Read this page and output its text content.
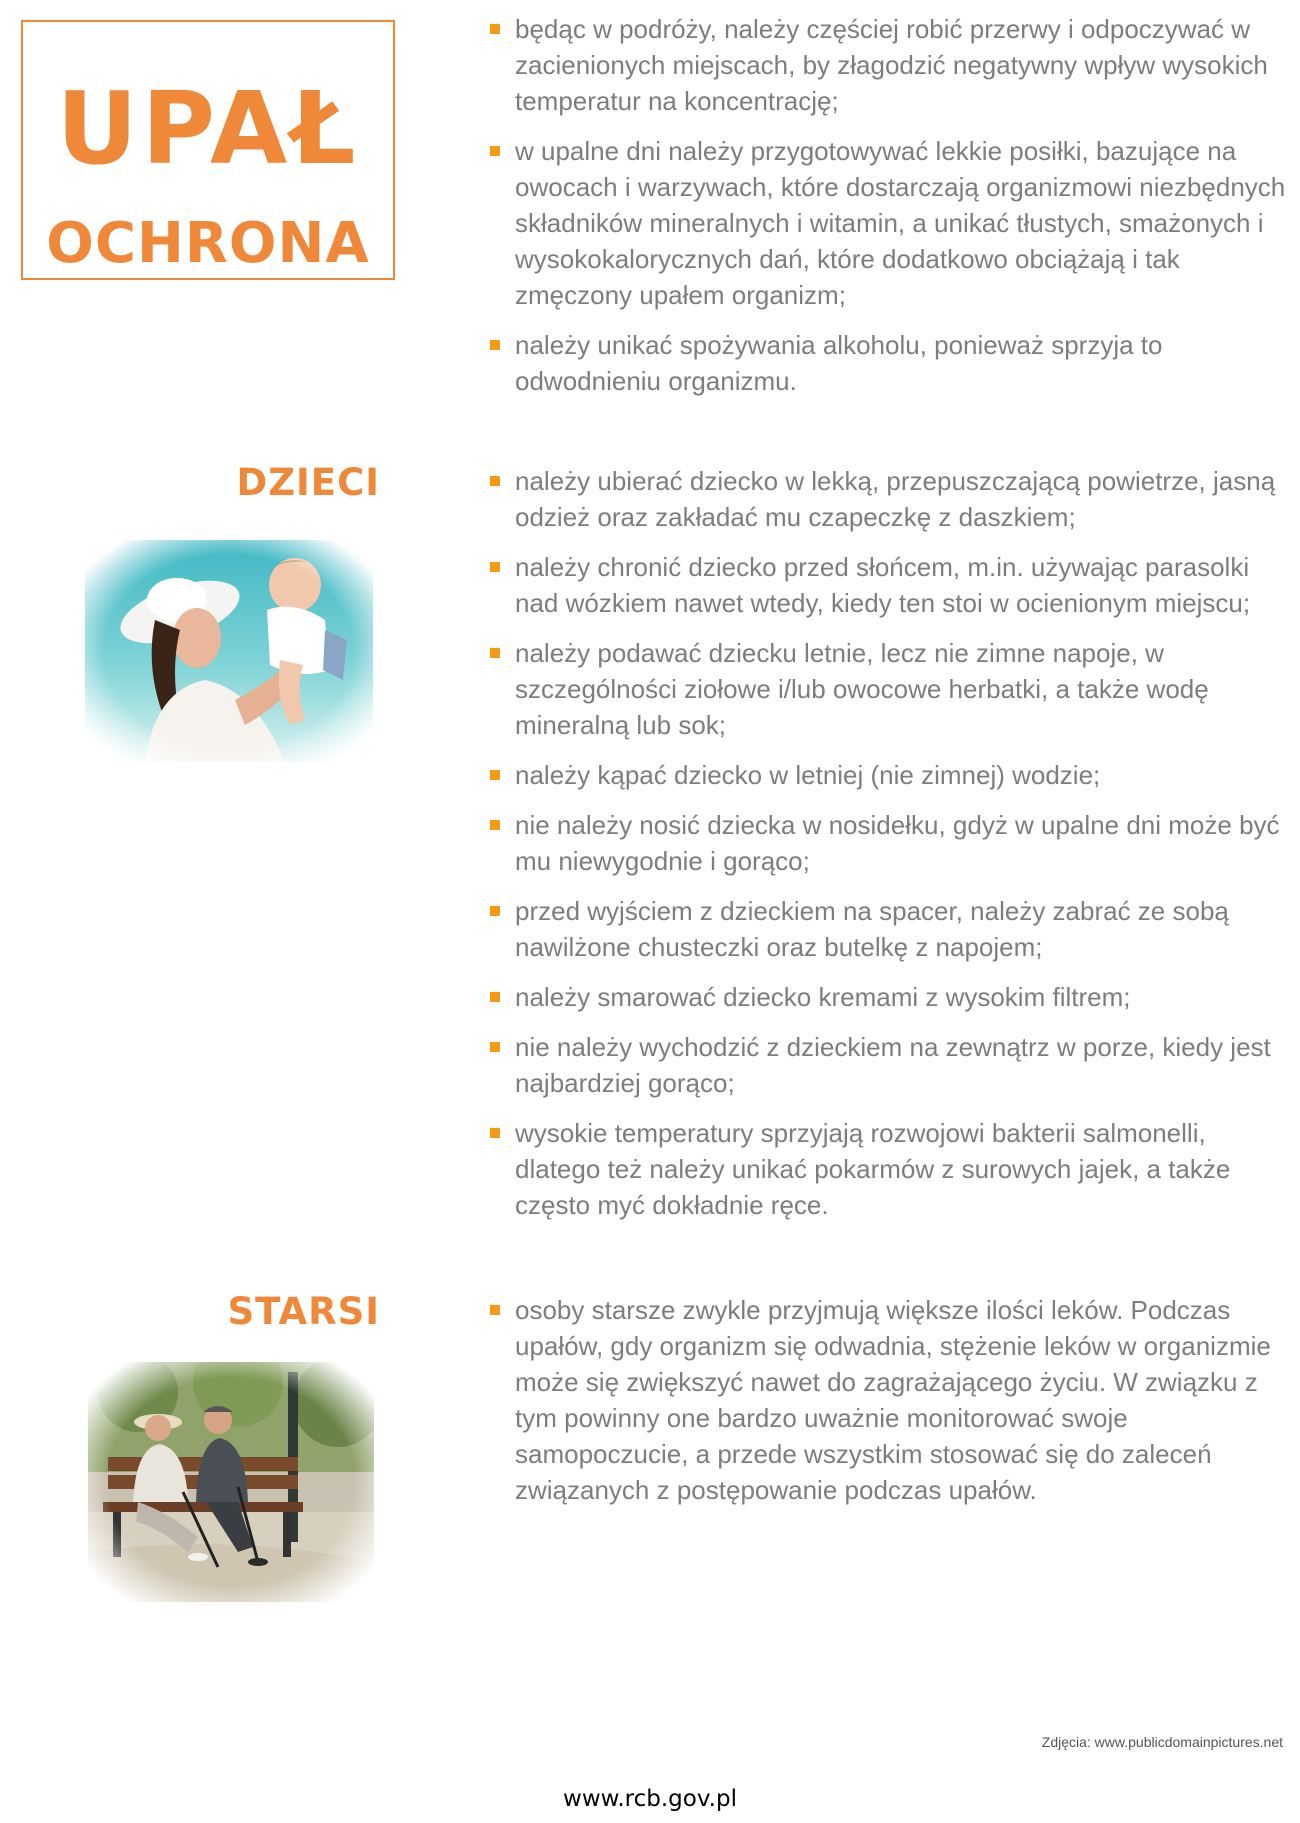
UPAŁ
OCHRONA
będąc w podróży, należy częściej robić przerwy i odpoczywać w zacienionych miejscach, by złagodzić negatywny wpływ wysokich temperatur na koncentrację;
w upalne dni należy przygotowywać lekkie posiłki, bazujące na owocach i warzywach, które dostarczają organizmowi niezbędnych składników mineralnych i witamin, a unikać tłustych, smażonych i wysokokalorycznych dań, które dodatkowo obciążają i tak zmęczony upałem organizm;
należy unikać spożywania alkoholu, ponieważ sprzyja to odwodnieniu organizmu.
DZIECI	należy ubierać dziecko w lekką, przepuszczającą powietrze, jasną odzież oraz zakładać mu czapeczkę z daszkiem;
należy chronić dziecko przed słońcem, m.in. używając parasolki nad wózkiem nawet wtedy, kiedy ten stoi w ocienionym miejscu;
należy podawać dziecku letnie, lecz nie zimne napoje, w szczególności ziołowe i/lub owocowe herbatki, a także wodę mineralną lub sok;
należy kąpać dziecko w letniej (nie zimnej) wodzie;
nie należy nosić dziecka w nosidełku, gdyż w upalne dni może być mu niewygodnie i gorąco;
przed wyjściem z dzieckiem na spacer, należy zabrać ze sobą nawilżone chusteczki oraz butelkę z napojem;
należy smarować dziecko kremami z wysokim filtrem;
nie należy wychodzić z dzieckiem na zewnątrz w porze, kiedy jest najbardziej gorąco;
wysokie temperatury sprzyjają rozwojowi bakterii salmonelli, dlatego też należy unikać pokarmów z surowych jajek, a także często myć dokładnie ręce.
STARSI	osoby starsze zwykle przyjmują większe ilości leków. Podczas upałów, gdy organizm się odwadnia, stężenie leków w organizmie może się zwiększyć nawet do zagrażającego życiu. W związku z tym powinny one bardzo uważnie monitorować swoje samopoczucie, a przede wszystkim stosować się do zaleceń związanych z postępowanie podczas upałów.
Zdjęcia: www.publicdomainpictures.net
www.rcb.gov.pl
